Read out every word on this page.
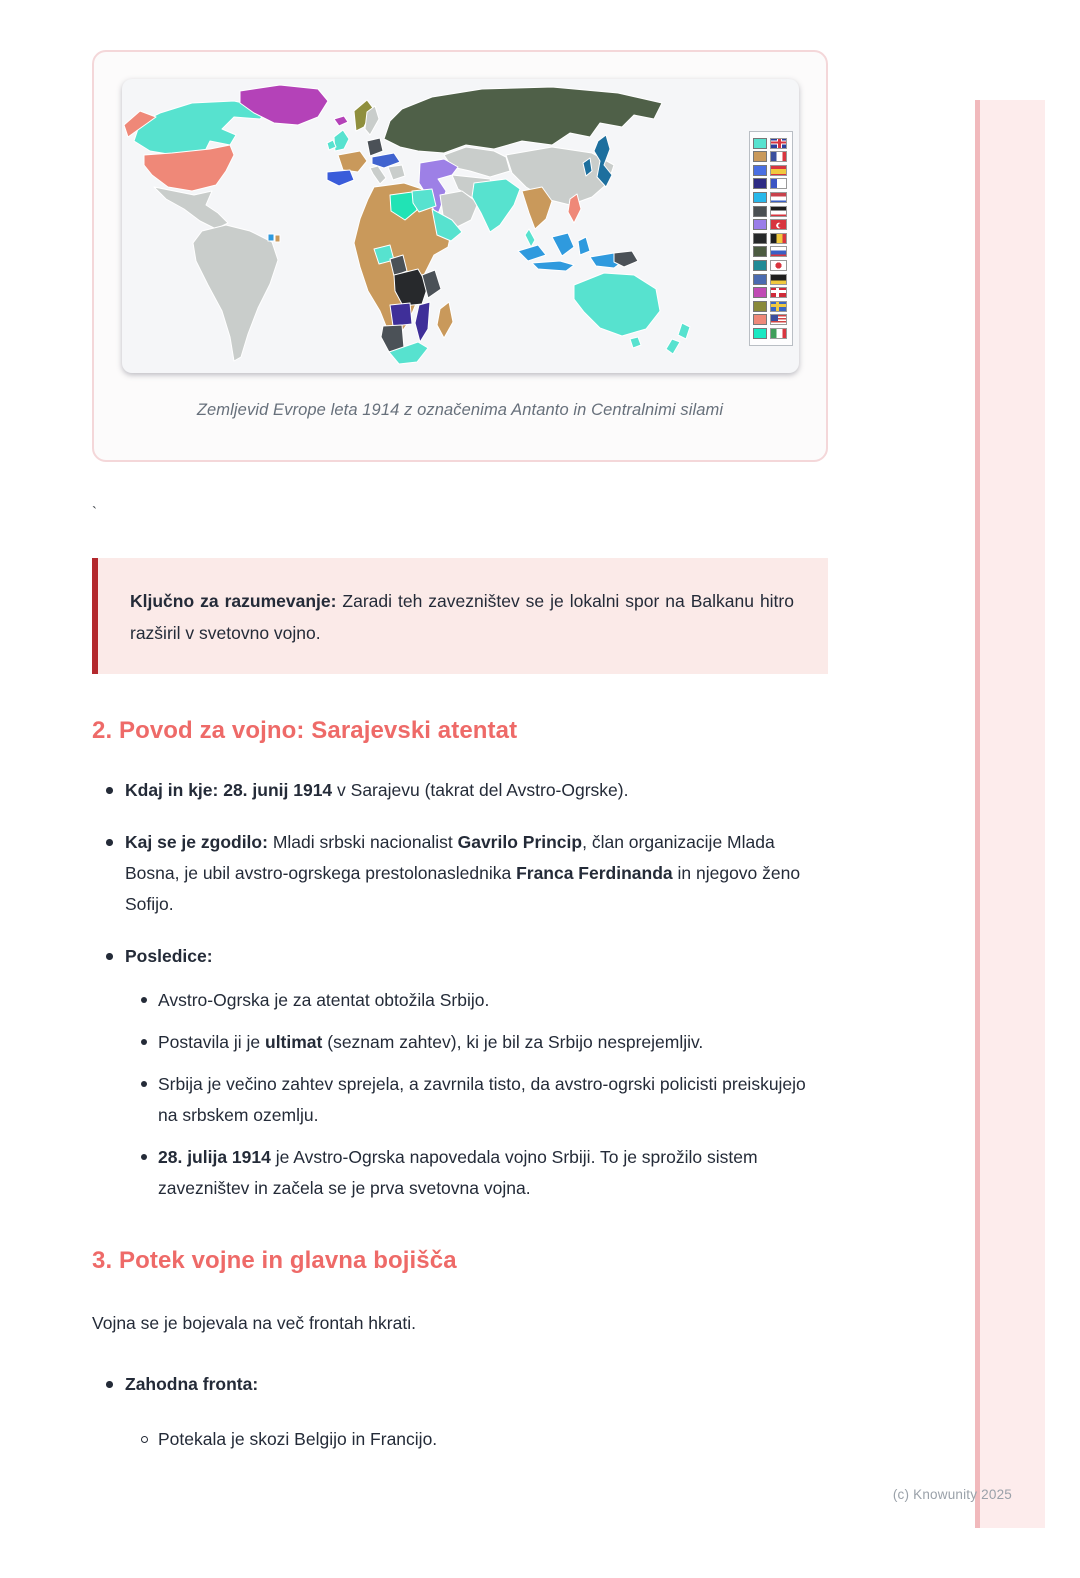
Zemljevid Evrope leta 1914 z označenima Antanto in Centralnimi silami
`

Ključno za razumevanje: Zaradi teh zavezništev se je lokalni spor na Balkanu hitro razširil v svetovno vojno.

2. Povod za vojno: Sarajevski atentat
Kdaj in kje: 28. junij 1914 v Sarajevu (takrat del Avstro-Ogrske).
Kaj se je zgodilo: Mladi srbski nacionalist Gavrilo Princip, član organizacije Mlada Bosna, je ubil avstro-ogrskega prestolonaslednika Franca Ferdinanda in njegovo ženo Sofijo.
Posledice:
Avstro-Ogrska je za atentat obtožila Srbijo.
Postavila ji je ultimat (seznam zahtev), ki je bil za Srbijo nesprejemljiv.
Srbija je večino zahtev sprejela, a zavrnila tisto, da avstro-ogrski policisti preiskujejo na srbskem ozemlju.
28. julija 1914 je Avstro-Ogrska napovedala vojno Srbiji. To je sprožilo sistem zavezništev in začela se je prva svetovna vojna.
3. Potek vojne in glavna bojišča

Vojna se je bojevala na več frontah hkrati.

Zahodna fronta:
Potekala je skozi Belgijo in Francijo.
(c) Knowunity 2025
